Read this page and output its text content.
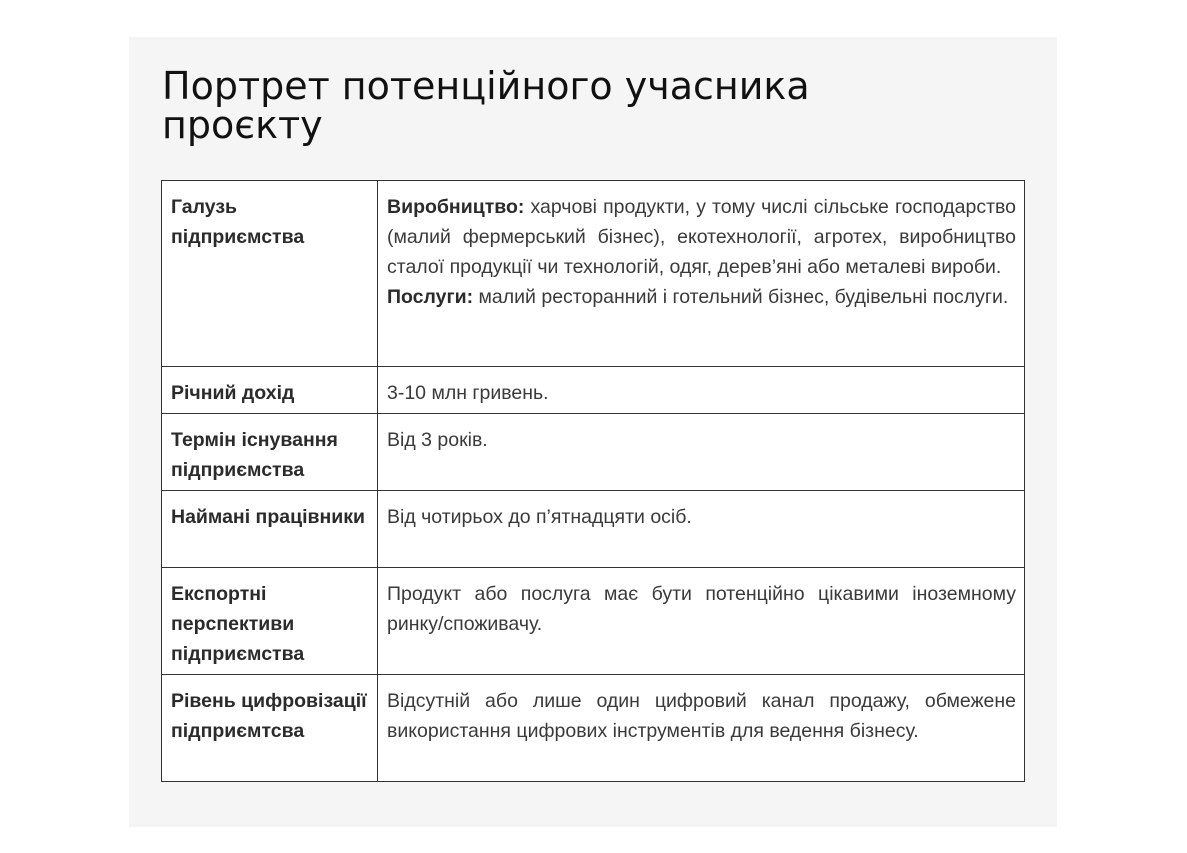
Портрет потенційного учасника проєкту
Галузь підприємства	Виробництво: харчові продукти, у тому числі сільське господарство (малий фермерський бізнес), екотехнології, агротех, виробництво сталої продукції чи технологій, одяг, дерев’яні або металеві вироби.

Послуги: малий ресторанний і готельний бізнес, будівельні послуги.

Річний дохід	3-10 млн гривень.
Термін існування підприємства	Від 3 років.
Наймані працівники	Від чотирьох до п’ятнадцяти осіб.
Експортні перспективи підприємства	Продукт або послуга має бути потенційно цікавими іноземному ринку/споживачу.
Рівень цифровізації підприємтсва	Відсутній або лише один цифровий канал продажу, обмежене використання цифрових інструментів для ведення бізнесу.
